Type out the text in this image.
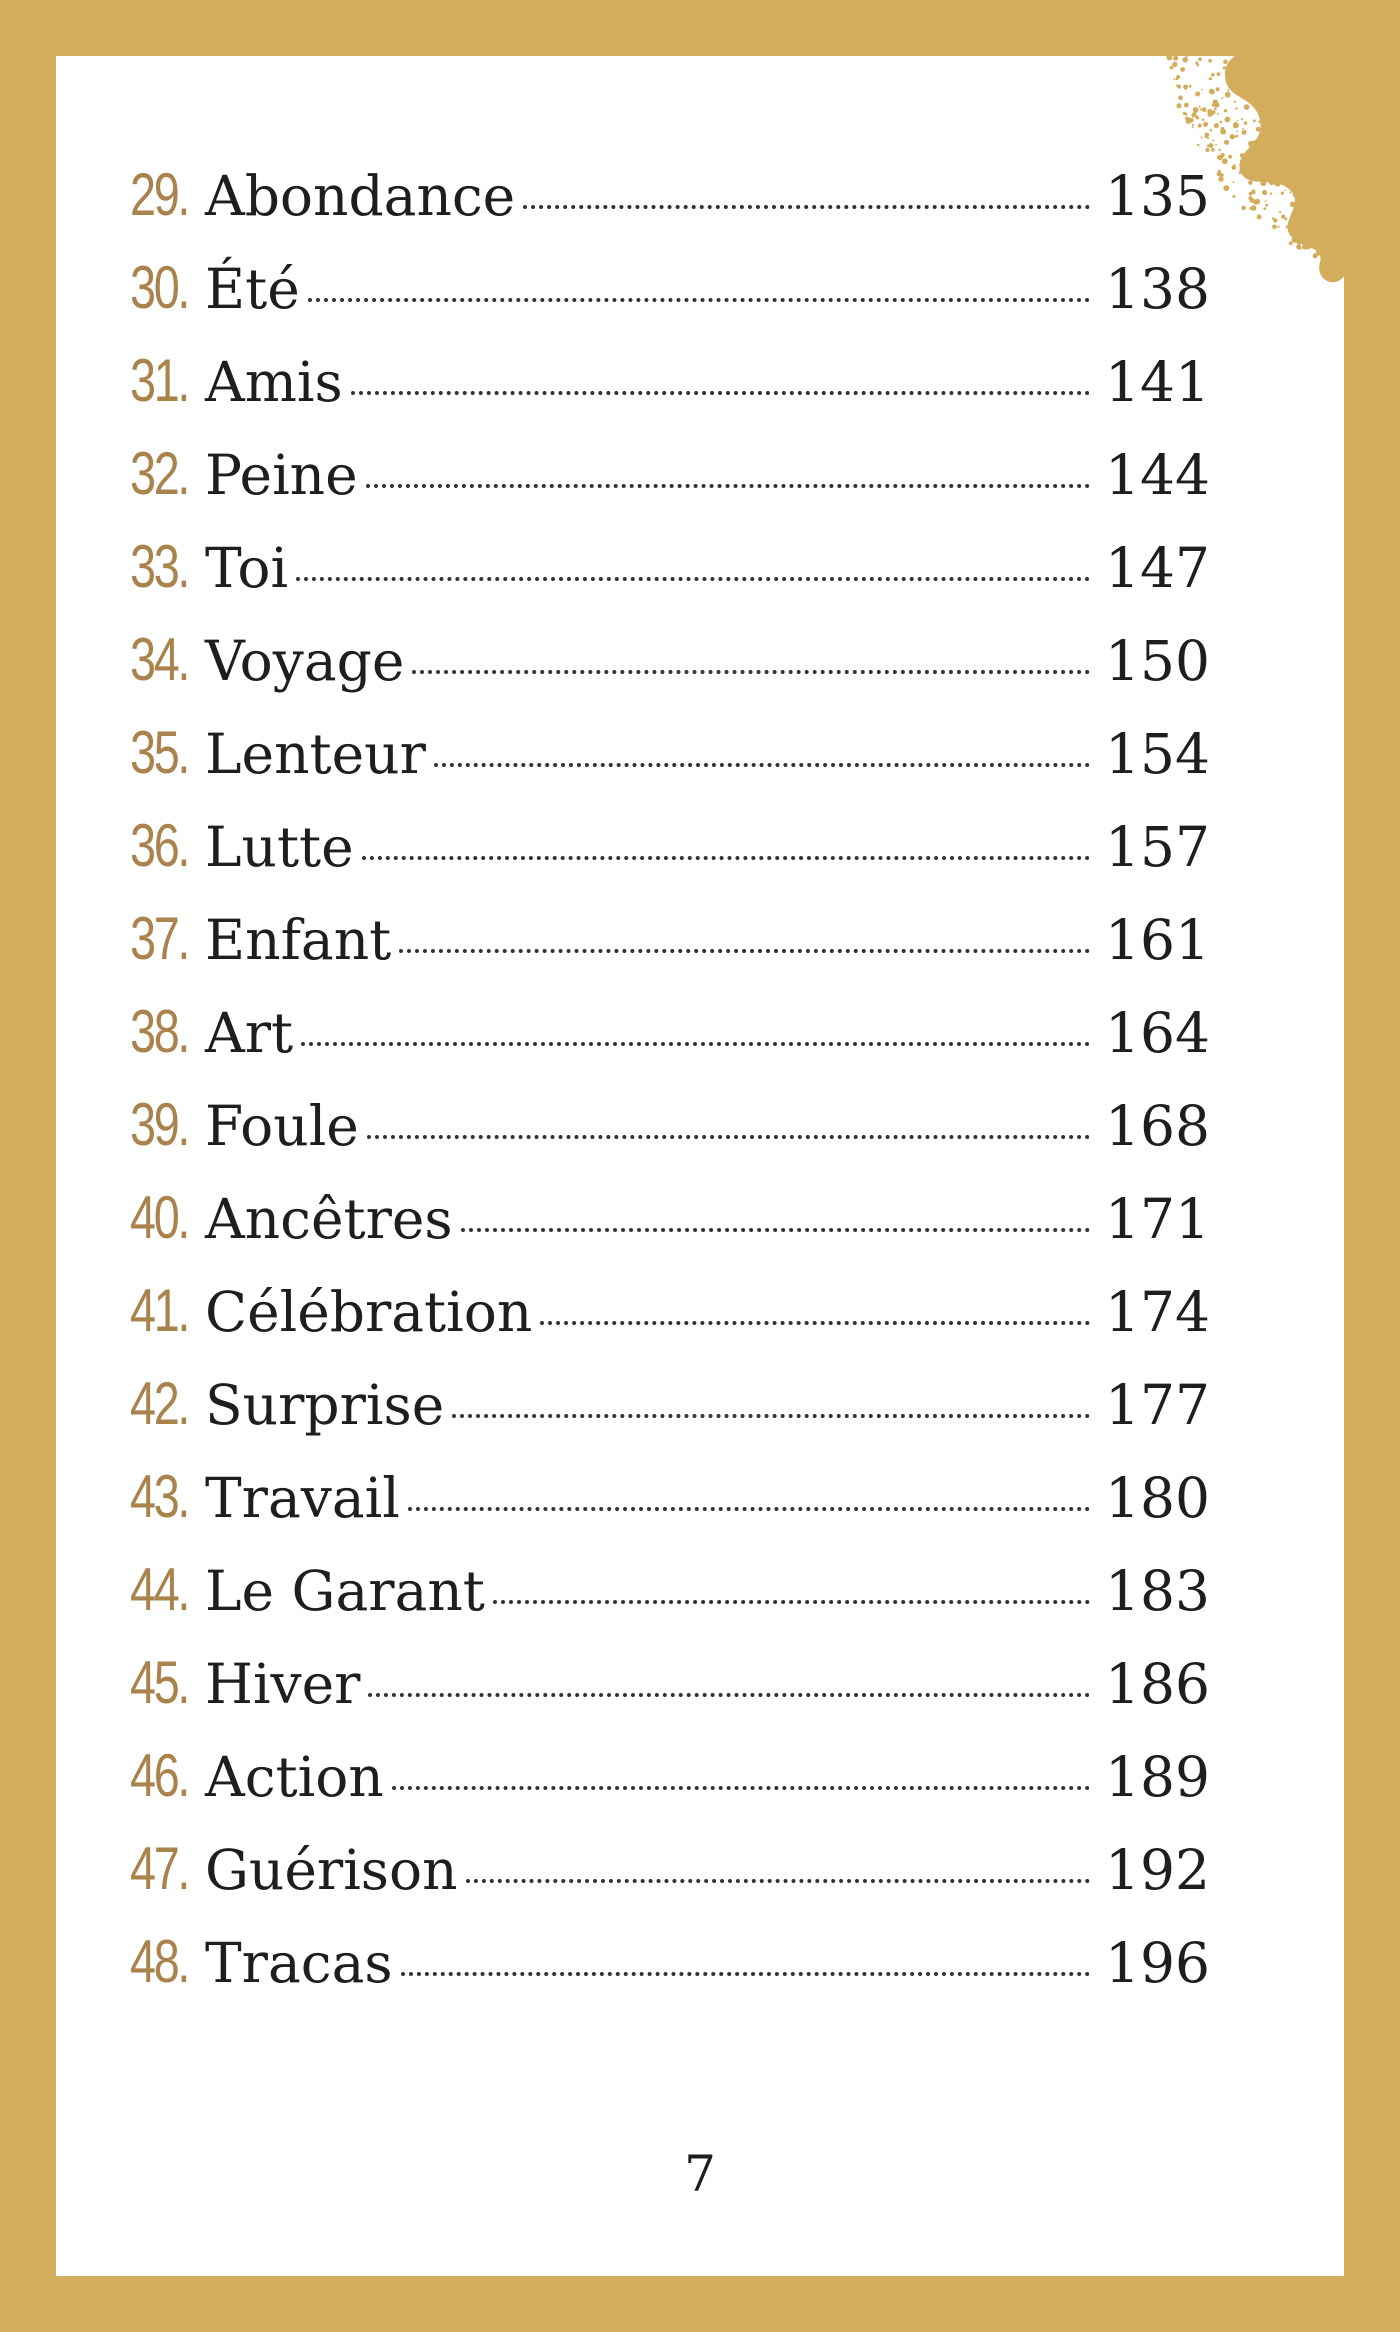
29. Abondance	135
30. Été	138
31. Amis	141
32. Peine	144
33. Toi	147
34. Voyage	150
35. Lenteur	154
36. Lutte	157
37. Enfant	161
38. Art	164
39. Foule	168
40. Ancêtres	171
41. Célébration	174
42. Surprise	177
43. Travail	180
44. Le Garant	183
45. Hiver	186
46. Action	189
47. Guérison	192
48. Tracas	196
7
